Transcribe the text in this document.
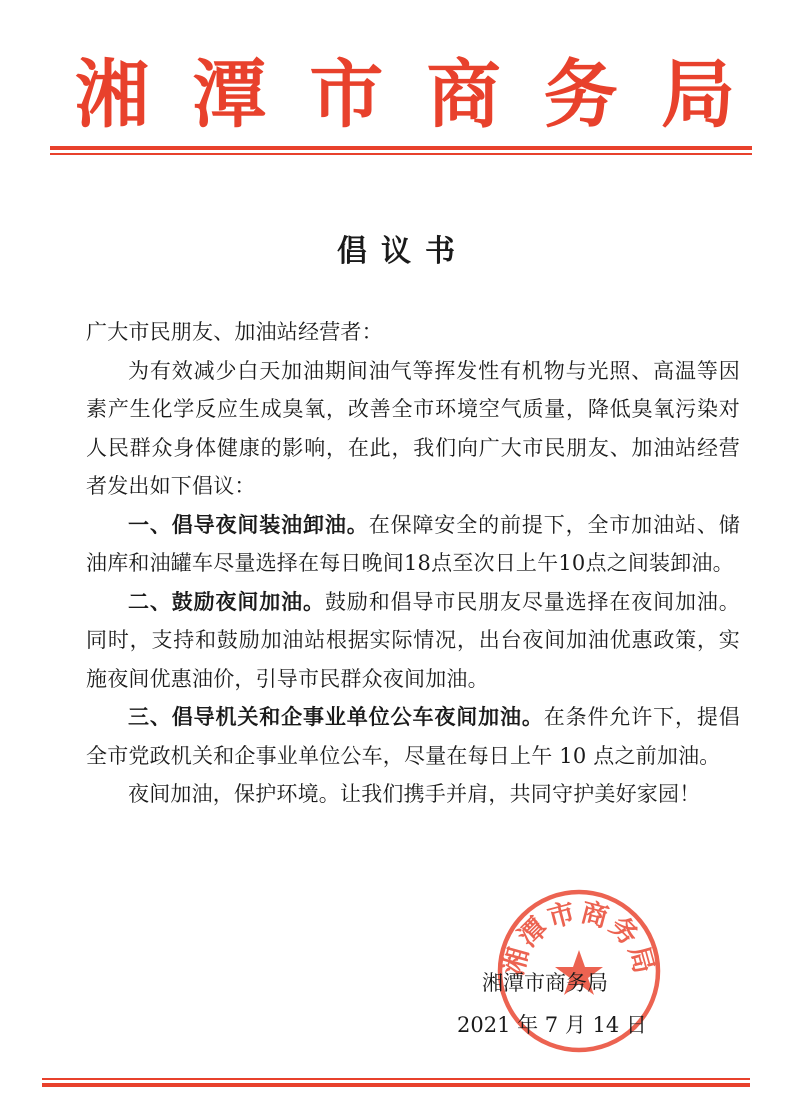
湘 潭 市 商 务 局
倡议书

广大市民朋友、加油站经营者：

为有效减少白天加油期间油气等挥发性有机物与光照、高温等因素产生化学反应生成臭氧，改善全市环境空气质量，降低臭氧污染对人民群众身体健康的影响，在此，我们向广大市民朋友、加油站经营者发出如下倡议：

一、倡导夜间装油卸油。在保障安全的前提下，全市加油站、储油库和油罐车尽量选择在每日晚间18点至次日上午10点之间装卸油。

二、鼓励夜间加油。鼓励和倡导市民朋友尽量选择在夜间加油。同时，支持和鼓励加油站根据实际情况，出台夜间加油优惠政策，实施夜间优惠油价，引导市民群众夜间加油。

三、倡导机关和企事业单位公车夜间加油。在条件允许下，提倡全市党政机关和企事业单位公车，尽量在每日上午 10 点之前加油。

夜间加油，保护环境。让我们携手并肩，共同守护美好家园！

湘潭市商务局
湘潭市商务局
2021 年 7 月 14 日
